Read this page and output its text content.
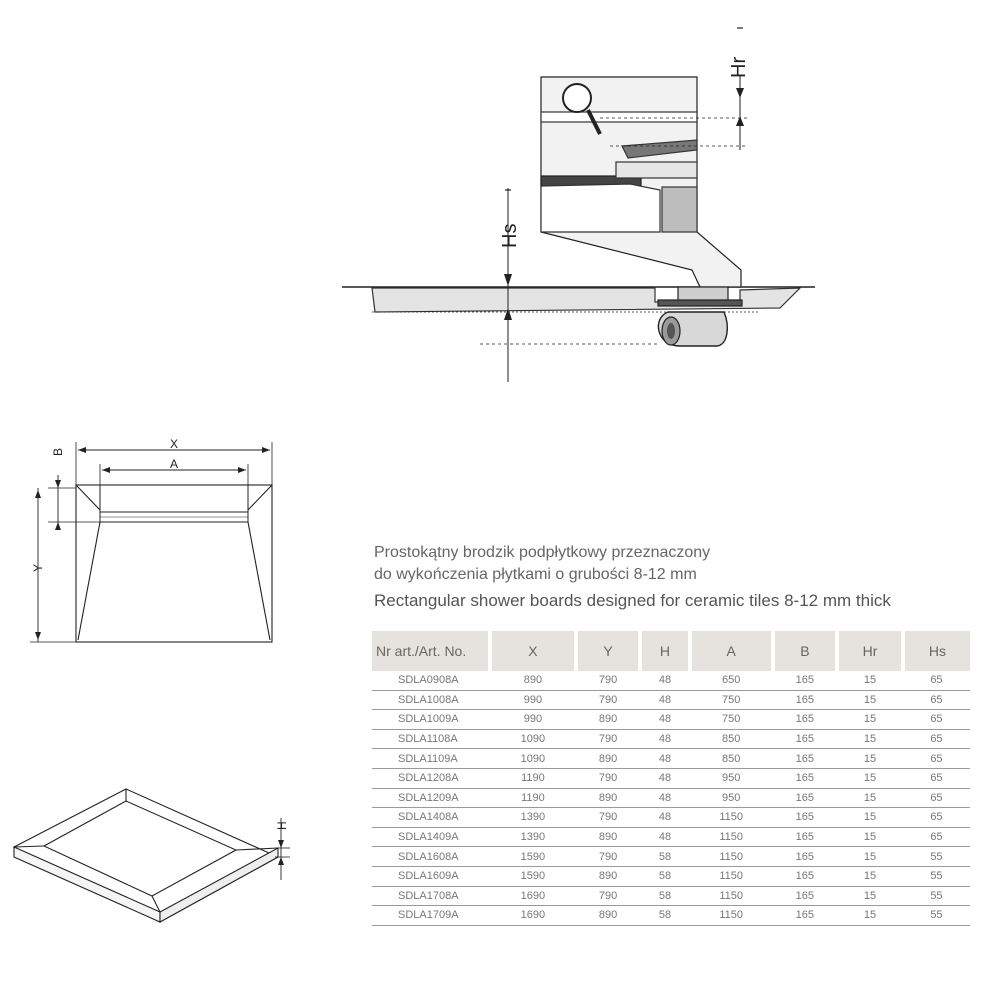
Hr
Hs
X
A
B
Y
H
Prostokątny brodzik podpłytkowy przeznaczony
do wykończenia płytkami o grubości 8-12 mm
Rectangular shower boards designed for ceramic tiles 8-12 mm thick
Nr art./Art. No.	X	Y	H	A	B	Hr	Hs
SDLA0908A	890	790	48	650	165	15	65
SDLA1008A	990	790	48	750	165	15	65
SDLA1009A	990	890	48	750	165	15	65
SDLA1108A	1090	790	48	850	165	15	65
SDLA1109A	1090	890	48	850	165	15	65
SDLA1208A	1190	790	48	950	165	15	65
SDLA1209A	1190	890	48	950	165	15	65
SDLA1408A	1390	790	48	1150	165	15	65
SDLA1409A	1390	890	48	1150	165	15	65
SDLA1608A	1590	790	58	1150	165	15	55
SDLA1609A	1590	890	58	1150	165	15	55
SDLA1708A	1690	790	58	1150	165	15	55
SDLA1709A	1690	890	58	1150	165	15	55
